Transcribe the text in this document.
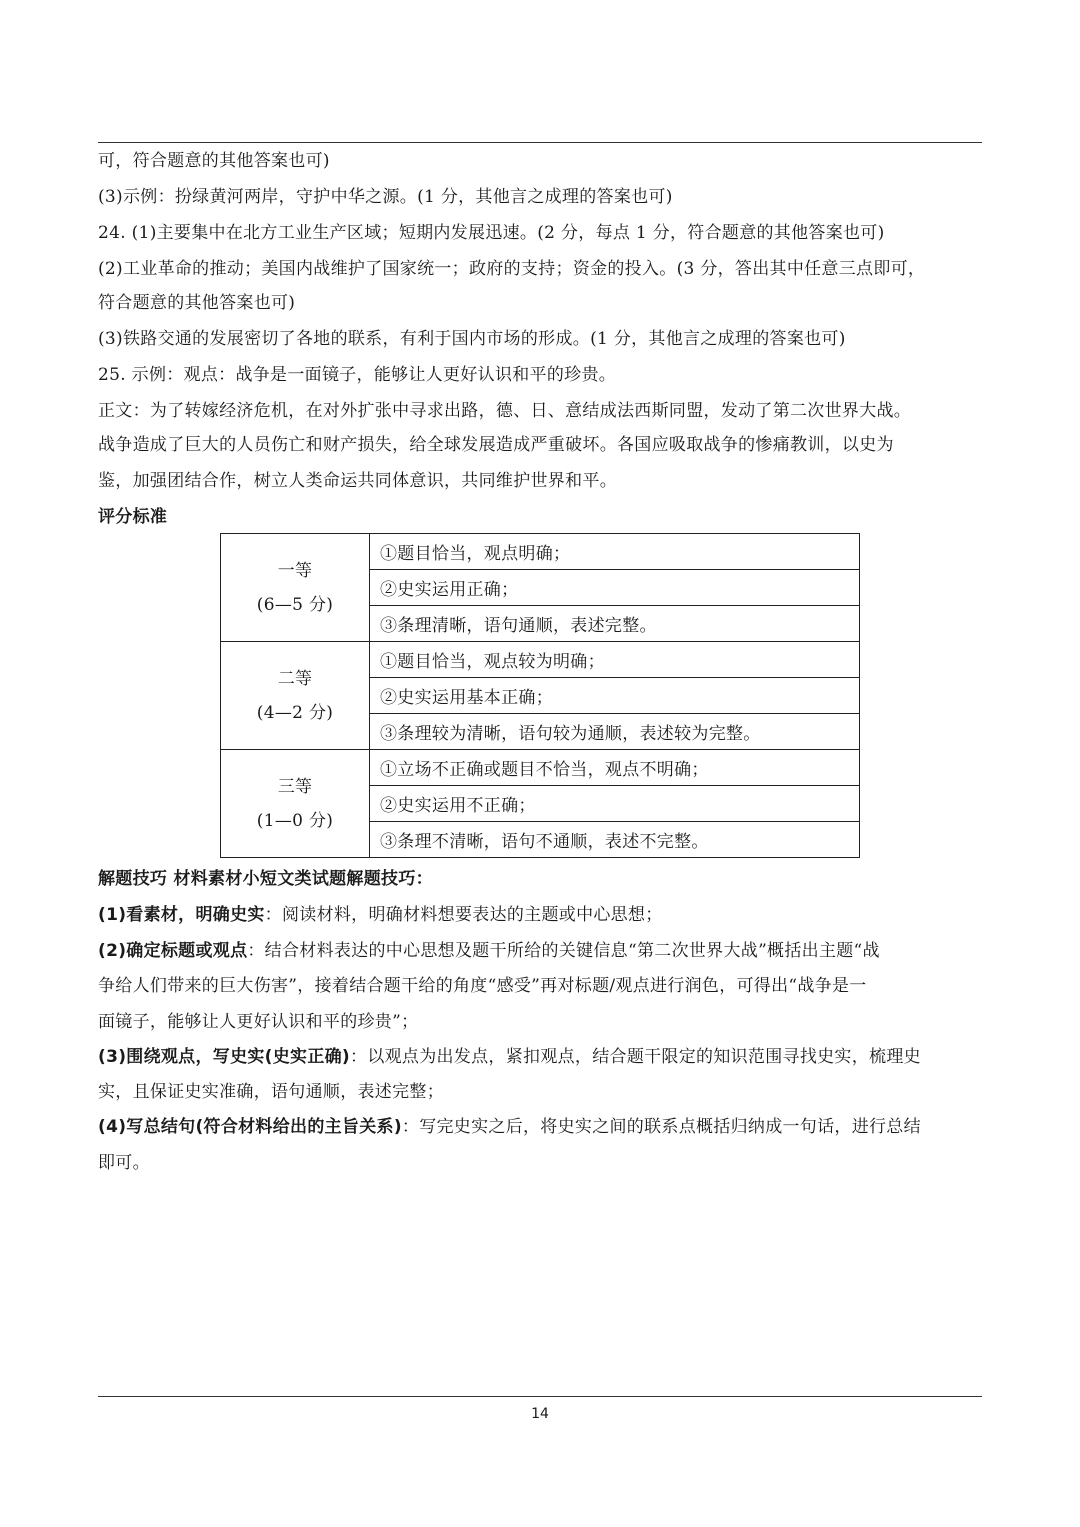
可，符合题意的其他答案也可)
(3)示例：扮绿黄河两岸，守护中华之源。(1 分，其他言之成理的答案也可)
24. (1)主要集中在北方工业生产区域；短期内发展迅速。(2 分，每点 1 分，符合题意的其他答案也可)
(2)工业革命的推动；美国内战维护了国家统一；政府的支持；资金的投入。(3 分，答出其中任意三点即可，
符合题意的其他答案也可)
(3)铁路交通的发展密切了各地的联系，有利于国内市场的形成。(1 分，其他言之成理的答案也可)
25. 示例：观点：战争是一面镜子，能够让人更好认识和平的珍贵。
正文：为了转嫁经济危机，在对外扩张中寻求出路，德、日、意结成法西斯同盟，发动了第二次世界大战。
战争造成了巨大的人员伤亡和财产损失，给全球发展造成严重破坏。各国应吸取战争的惨痛教训，以史为
鉴，加强团结合作，树立人类命运共同体意识，共同维护世界和平。
评分标准
一等
(6—5 分)	①题目恰当，观点明确；
	②史实运用正确；
	③条理清晰，语句通顺，表述完整。

二等
(4—2 分)	①题目恰当，观点较为明确；
	②史实运用基本正确；
	③条理较为清晰，语句较为通顺，表述较为完整。

三等
(1—0 分)	①立场不正确或题目不恰当，观点不明确；
	②史实运用不正确；
	③条理不清晰，语句不通顺，表述不完整。
解题技巧 材料素材小短文类试题解题技巧：
(1)看素材，明确史实：阅读材料，明确材料想要表达的主题或中心思想；
(2)确定标题或观点：结合材料表达的中心思想及题干所给的关键信息“第二次世界大战”概括出主题“战
争给人们带来的巨大伤害”，接着结合题干给的角度“感受”再对标题/观点进行润色，可得出“战争是一
面镜子，能够让人更好认识和平的珍贵”；
(3)围绕观点，写史实(史实正确)：以观点为出发点，紧扣观点，结合题干限定的知识范围寻找史实，梳理史
实，且保证史实准确，语句通顺，表述完整；
(4)写总结句(符合材料给出的主旨关系)：写完史实之后，将史实之间的联系点概括归纳成一句话，进行总结
即可。
14
